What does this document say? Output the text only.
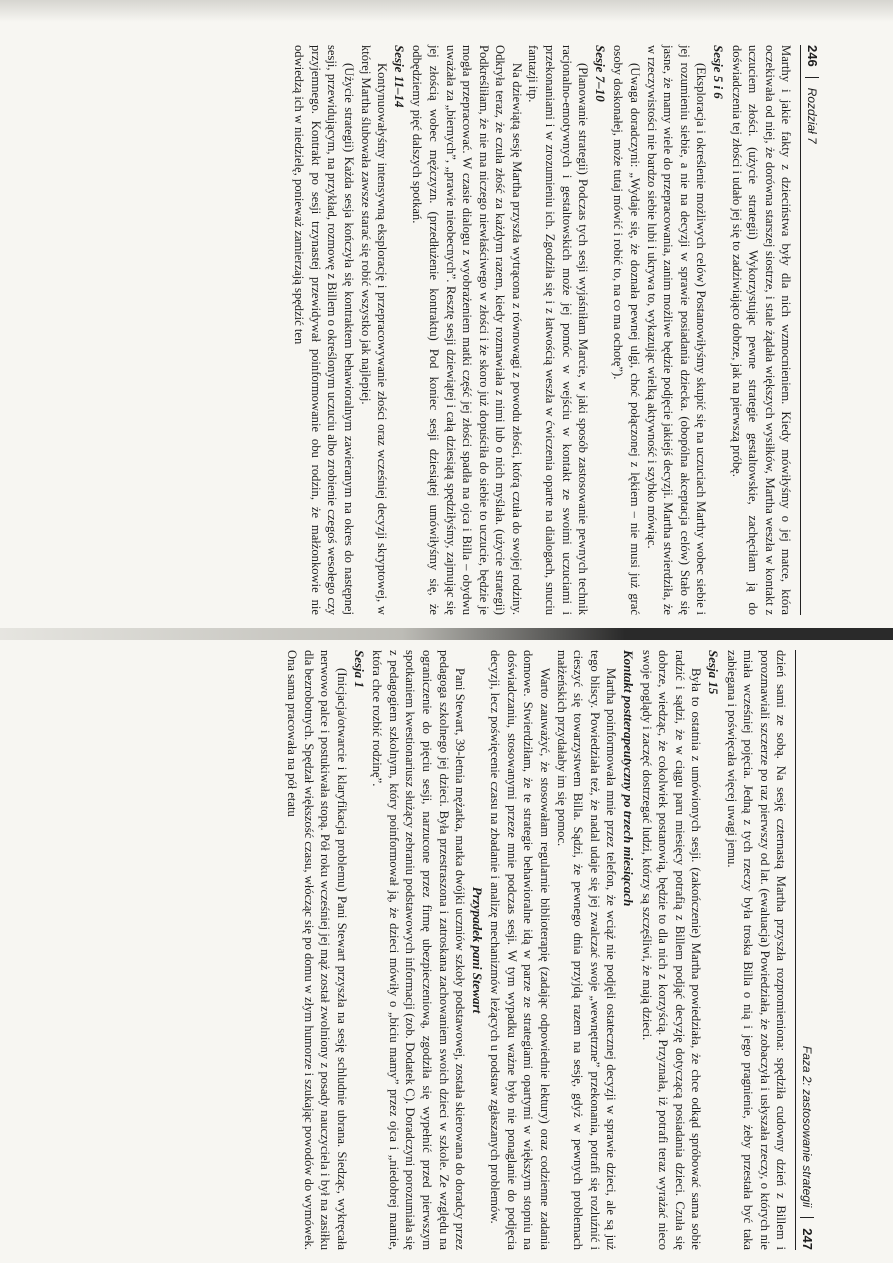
246
Rozdział 7

Marthy i jakie fakty z dzieciństwa były dla nich wzmocnieniem. Kiedy mówiłyśmy o jej matce, która oczekiwała od niej, że dorówna starszej siostrze, i stale żądała większych wysiłków, Martha weszła w kontakt z uczuciem złości. (użycie strategii) Wykorzystując pewne strategie gestaltowskie, zachęciłam ją do doświadczenia tej złości i udało jej się to zadziwiająco dobrze, jak na pierwszą próbę.

Sesje 5 i 6

(Eksploracja i określenie możliwych celów) Postanowiłyśmy skupić się na uczuciach Marthy wobec siebie i jej rozumieniu siebie, a nie na decyzji w sprawie posiadania dziecka. (obopólna akceptacja celów) Stało się jasne, że mamy wiele do przepracowania, zanim możliwe będzie podjęcie jakiejś decyzji. Martha stwierdziła, że w rzeczywistości nie bardzo siebie lubi i ukrywa to, wykazując wielką aktywność i szybko mówiąc.

(Uwaga doradczyni: „Wydaje się, że doznała pewnej ulgi, choć połączonej z lękiem – nie musi już grać osoby doskonałej, może tutaj mówić i robić to, na co ma ochotę”).

Sesje 7–10

(Planowanie strategii) Podczas tych sesji wyjaśniłam Marcie, w jaki sposób zastosowanie pewnych technik racjonalno-emotywnych i gestaltowskich może jej pomóc w wejściu w kontakt ze swoimi uczuciami i przekonaniami i w zrozumieniu ich. Zgodziła się i z łatwością weszła w ćwiczenia oparte na dialogach, snuciu fantazji itp.

Na dziewiątą sesję Martha przyszła wytrącona z równowagi z powodu złości, którą czuła do swojej rodziny. Odkryła teraz, że czuła złość za każdym razem, kiedy rozmawiała z nimi lub o nich myślała. (użycie strategii) Podkreśliłam, że nie ma niczego niewłaściwego w złości i że skoro już dopuściła do siebie to uczucie, będzie je mogła przepracować. W czasie dialogu z wyobrażeniem matki część jej złości spadła na ojca i Billa – obydwu uważała za „biernych”, „prawie nieobecnych”. Resztę sesji dziewiątej i całą dziesiątą spędziłyśmy, zajmując się jej złością wobec mężczyzn. (przedłużenie kontraktu) Pod koniec sesji dziesiątej umówiłyśmy się, że odbędziemy pięć dalszych spotkań.

Sesje 11–14

Kontynuowałyśmy intensywną eksplorację i przepracowywanie złości oraz wcześniej decyzji skryptowej, w której Martha ślubowała zawsze starać się robić wszystko jak najlepiej.

(Użycie strategii) Każda sesja kończyła się kontraktem behawioralnym zawieranym na okres do następnej sesji, przewidującym, na przykład, rozmowę z Billem o określonym uczuciu albo zrobienie czegoś wesołego czy przyjemnego. Kontrakt po sesji trzynastej przewidywał poinformowanie obu rodzin, że małżonkowie nie odwiedzą ich w niedzielę, ponieważ zamierzają spędzić ten

Faza 2: zastosowanie strategii
247

dzień sami ze sobą. Na sesję czternastą Martha przyszła rozpromieniona: spędziła cudowny dzień z Billem i porozmawiali szczerze po raz pierwszy od lat. (ewaluacja) Powiedziała, że zobaczyła i usłyszała rzeczy, o których nie miała wcześniej pojęcia. Jedną z tych rzeczy była troska Billa o nią i jego pragnienie, żeby przestała być taka zabiegana i poświęcała więcej uwagi jemu.

Sesja 15

Była to ostatnia z umówionych sesji. (zakończenie) Martha powiedziała, że chce odkąd spróbować sama sobie radzić i sądzi, że w ciągu paru miesięcy potrafią z Billem podjąć decyzję dotyczącą posiadania dzieci. Czuła się dobrze, wiedząc, że cokolwiek postanowią, będzie to dla nich z korzyścią. Przyznała, iż potrafi teraz wyrażać nieco swoje poglądy i zaczęć dostrzegać ludzi, którzy są szczęśliwi, że mają dzieci.

Kontakt postterapeutyczny po trzech miesiącach

Martha poinformowała mnie przez telefon, że wciąż nie podjęli ostatecznej decyzji w sprawie dzieci, ale są już tego bliscy. Powiedziała też, że nadal udaje się jej zwalczać swoje „wewnętrzne” przekonania, potrafi się rozluźnić i cieszyć się towarzystwem Billa. Sądzi, że pewnego dnia przyjdą razem na sesję, gdyż w pewnych problemach małżeńskich przydałaby im się pomoc.

Warto zauważyć, że stosowałam regularnie biblioterapię (zadając odpowiednie lektury) oraz codzienne zadania domowe. Stwierdziłam, że te strategie behawioralne idą w parze ze strategiami opartymi w większym stopniu na doświadczaniu, stosowanymi przeze mnie podczas sesji. W tym wypadku ważne było nie ponaglanie do podjęcia decyzji, lecz poświęcenie czasu na zbadanie i analizę mechanizmów leżących u podstaw zgłaszanych problemów.

Przypadek pani Stewart

Pani Stewart, 39-letnia mężatka, matka dwójki uczniów szkoły podstawowej, została skierowana do doradcy przez pedagoga szkolnego jej dzieci. Była przestraszona i zatroskana zachowaniem swoich dzieci w szkole. Ze względu na ograniczenie do pięciu sesji, narzucone przez firmę ubezpieczeniową, zgodziła się wypełnić przed pierwszym spotkaniem kwestionariusz służący zebraniu podstawowych informacji (zob. Dodatek C). Doradczyni porozumiała się z pedagogiem szkolnym, który poinformował ją, że dzieci mówiły o „biciu mamy” przez ojca i „niedobrej mamie, która chce rozbić rodzinę”.

Sesja 1

(Inicjacja/otwarcie i klaryfikacja problemu) Pani Stewart przyszła na sesję schludnie ubrana. Siedząc, wykręcała nerwowo palce i postukiwała stopą. Pół roku wcześniej jej mąż został zwolniony z posady nauczyciela i był na zasiłku dla bezrobotnych. Spędzał większość czasu, włócząc się po domu w złym humorze i szukając powodów do wymówek. Ona sama pracowała na pół etatu
